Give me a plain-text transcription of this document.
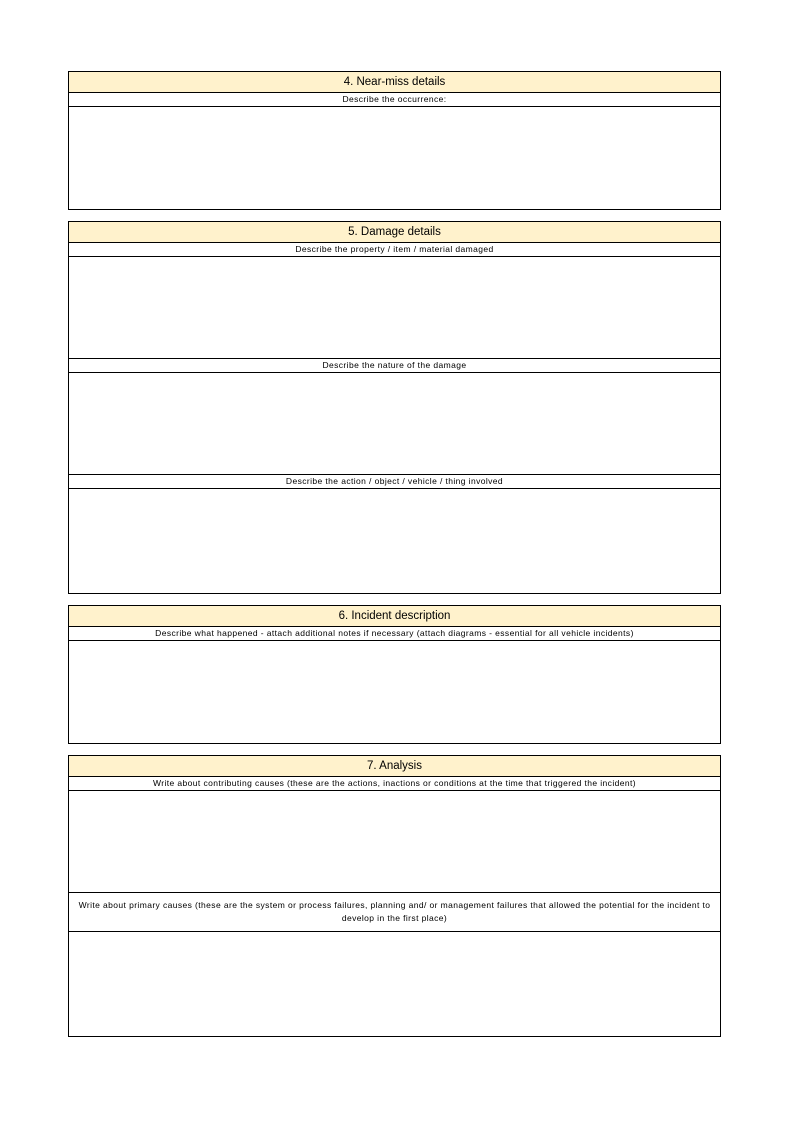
4. Near-miss details
Describe the occurrence:
5. Damage details
Describe the property / item / material damaged
Describe the nature of the damage
Describe the action / object / vehicle / thing involved
6. Incident description
Describe what happened - attach additional notes if necessary (attach diagrams - essential for all vehicle incidents)
7. Analysis
Write about contributing causes (these are the actions, inactions or conditions at the time that triggered the incident)
Write about primary causes (these are the system or process failures, planning and/ or management failures that allowed the potential for the incident to develop in the first place)
